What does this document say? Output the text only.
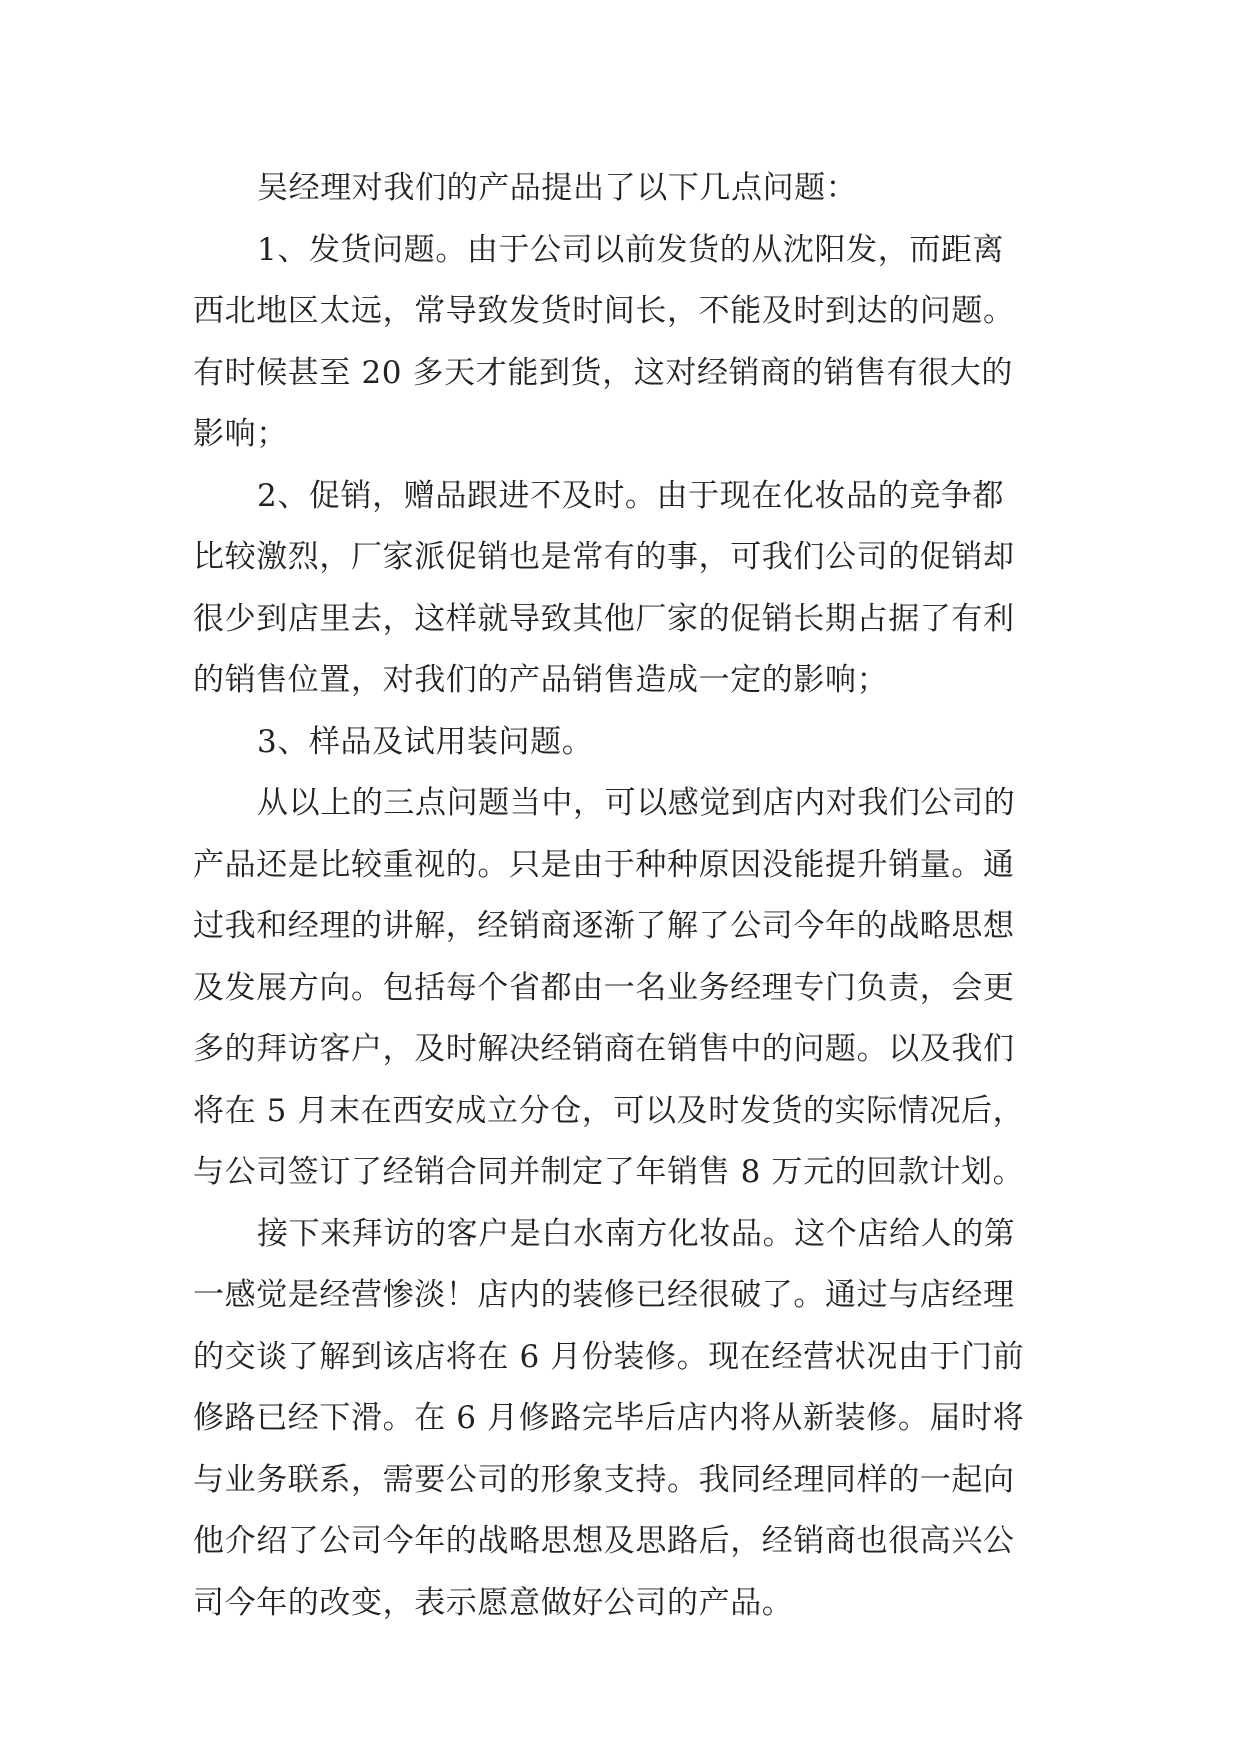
吴经理对我们的产品提出了以下几点问题：
1、发货问题。由于公司以前发货的从沈阳发，而距离
西北地区太远，常导致发货时间长，不能及时到达的问题。
有时候甚至 20 多天才能到货，这对经销商的销售有很大的
影响；
2、促销，赠品跟进不及时。由于现在化妆品的竞争都
比较激烈，厂家派促销也是常有的事，可我们公司的促销却
很少到店里去，这样就导致其他厂家的促销长期占据了有利
的销售位置，对我们的产品销售造成一定的影响；
3、样品及试用装问题。
从以上的三点问题当中，可以感觉到店内对我们公司的
产品还是比较重视的。只是由于种种原因没能提升销量。通
过我和经理的讲解，经销商逐渐了解了公司今年的战略思想
及发展方向。包括每个省都由一名业务经理专门负责，会更
多的拜访客户，及时解决经销商在销售中的问题。以及我们
将在 5 月末在西安成立分仓，可以及时发货的实际情况后，
与公司签订了经销合同并制定了年销售 8 万元的回款计划。
接下来拜访的客户是白水南方化妆品。这个店给人的第
一感觉是经营惨淡！店内的装修已经很破了。通过与店经理
的交谈了解到该店将在 6 月份装修。现在经营状况由于门前
修路已经下滑。在 6 月修路完毕后店内将从新装修。届时将
与业务联系，需要公司的形象支持。我同经理同样的一起向
他介绍了公司今年的战略思想及思路后，经销商也很高兴公
司今年的改变，表示愿意做好公司的产品。
